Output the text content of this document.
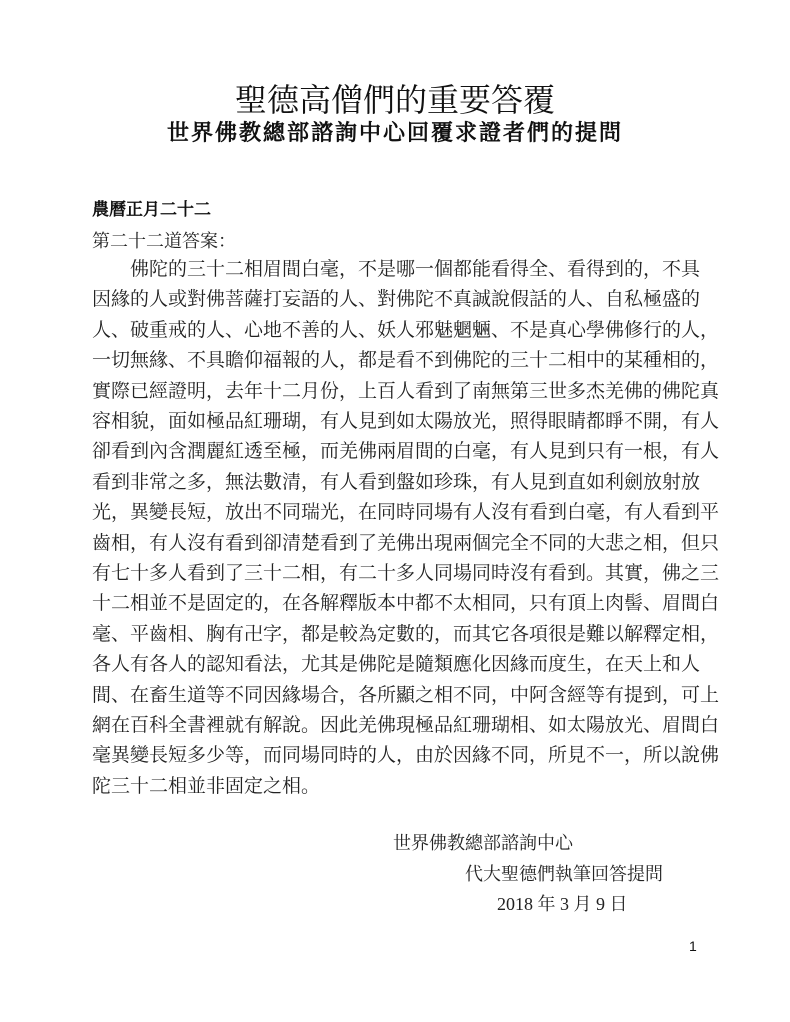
聖德高僧們的重要答覆
世界佛教總部諮詢中心回覆求證者們的提問
農曆正月二十二
第二十二道答案：
佛陀的三十二相眉間白毫，不是哪一個都能看得全、看得到的，不具
因緣的人或對佛菩薩打妄語的人、對佛陀不真誠說假話的人、自私極盛的
人、破重戒的人、心地不善的人、妖人邪魅魍魎、不是真心學佛修行的人，
一切無緣、不具瞻仰福報的人，都是看不到佛陀的三十二相中的某種相的，
實際已經證明，去年十二月份，上百人看到了南無第三世多杰羌佛的佛陀真
容相貌，面如極品紅珊瑚，有人見到如太陽放光，照得眼睛都睜不開，有人
卻看到內含潤麗紅透至極，而羌佛兩眉間的白毫，有人見到只有一根，有人
看到非常之多，無法數清，有人看到盤如珍珠，有人見到直如利劍放射放
光，異變長短，放出不同瑞光，在同時同場有人沒有看到白毫，有人看到平
齒相，有人沒有看到卻清楚看到了羌佛出現兩個完全不同的大悲之相，但只
有七十多人看到了三十二相，有二十多人同場同時沒有看到。其實，佛之三
十二相並不是固定的，在各解釋版本中都不太相同，只有頂上肉髻、眉間白
毫、平齒相、胸有卍字，都是較為定數的，而其它各項很是難以解釋定相，
各人有各人的認知看法，尤其是佛陀是隨類應化因緣而度生，在天上和人
間、在畜生道等不同因緣場合，各所顯之相不同，中阿含經等有提到，可上
網在百科全書裡就有解說。因此羌佛現極品紅珊瑚相、如太陽放光、眉間白
毫異變長短多少等，而同場同時的人，由於因緣不同，所見不一，所以說佛
陀三十二相並非固定之相。
世界佛教總部諮詢中心
代大聖德們執筆回答提問
2018 年 3 月 9 日
1
